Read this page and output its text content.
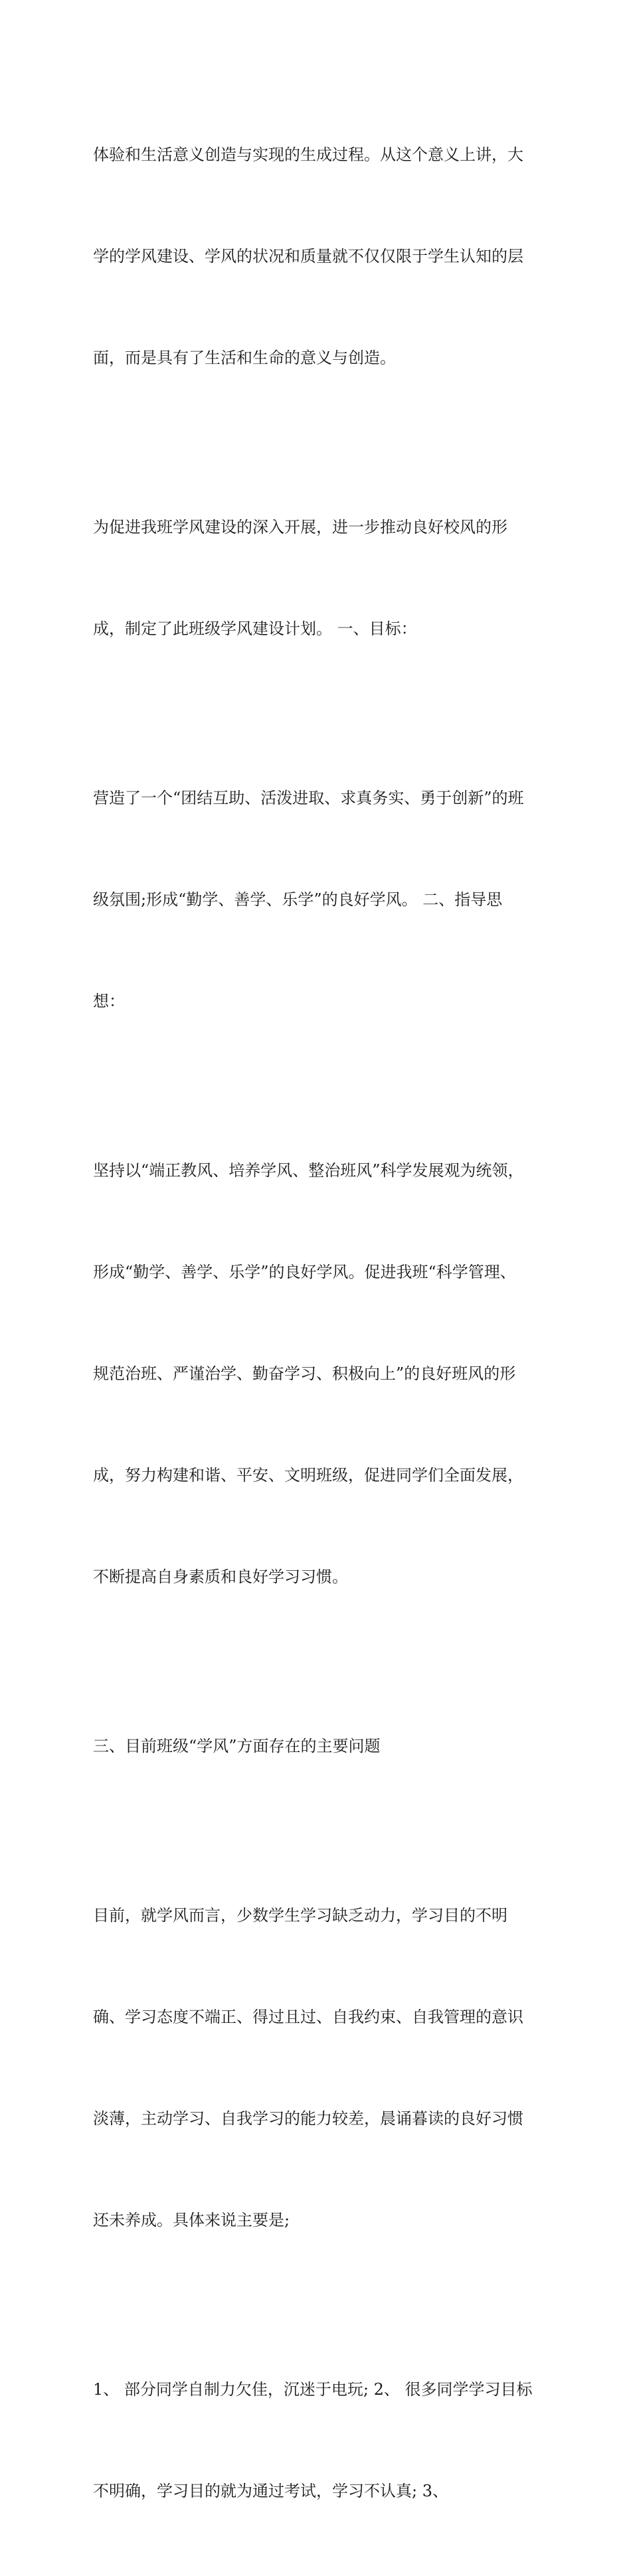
体验和生活意义创造与实现的生成过程。从这个意义上讲，大

学的学风建设、学风的状况和质量就不仅仅限于学生认知的层

面，而是具有了生活和生命的意义与创造。

为促进我班学风建设的深入开展，进一步推动良好校风的形

成，制定了此班级学风建设计划。 一、目标：

营造了一个“团结互助、活泼进取、求真务实、勇于创新”的班

级氛围;形成“勤学、善学、乐学”的良好学风。 二、指导思

想：

坚持以“端正教风、培养学风、整治班风”科学发展观为统领，

形成“勤学、善学、乐学”的良好学风。促进我班“科学管理、

规范治班、严谨治学、勤奋学习、积极向上”的良好班风的形

成，努力构建和谐、平安、文明班级，促进同学们全面发展，

不断提高自身素质和良好学习习惯。

三、目前班级“学风”方面存在的主要问题

目前，就学风而言，少数学生学习缺乏动力，学习目的不明

确、学习态度不端正、得过且过、自我约束、自我管理的意识

淡薄，主动学习、自我学习的能力较差，晨诵暮读的良好习惯

还未养成。具体来说主要是;

1、 部分同学自制力欠佳，沉迷于电玩; 2、 很多同学学习目标

不明确，学习目的就为通过考试，学习不认真; 3、
